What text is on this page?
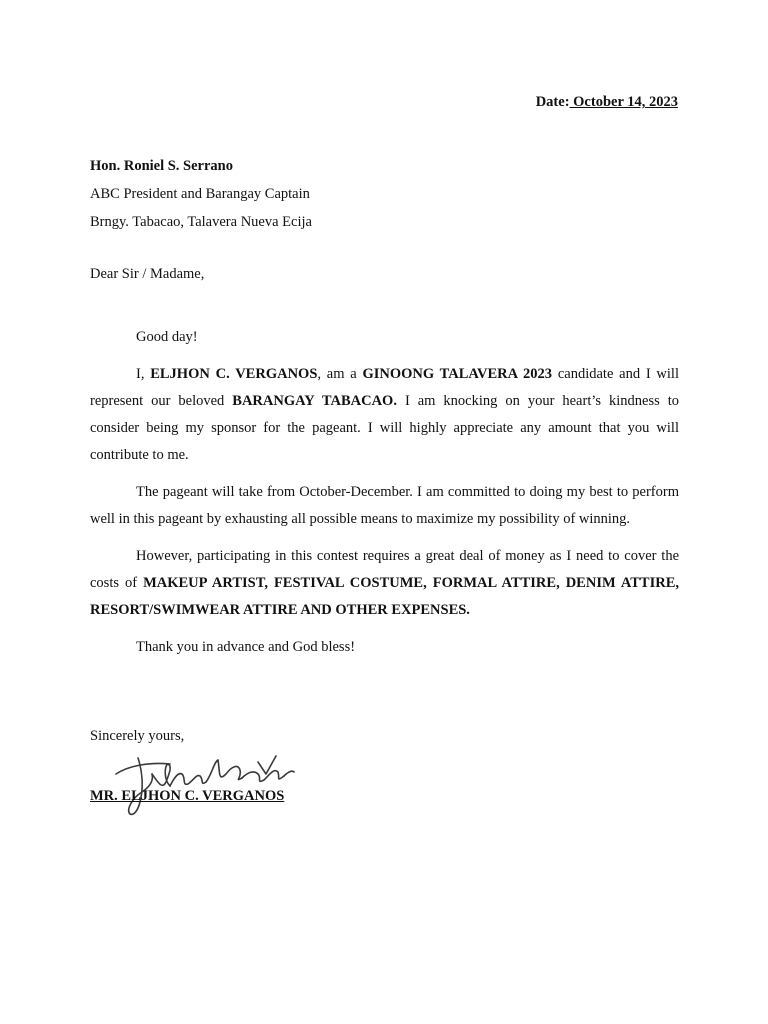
Date: October 14, 2023
Hon. Roniel S. Serrano
ABC President and Barangay Captain
Brngy. Tabacao, Talavera Nueva Ecija
Dear Sir / Madame,

Good day!

I, ELJHON C. VERGANOS, am a GINOONG TALAVERA 2023 candidate and I will represent our beloved BARANGAY TABACAO. I am knocking on your heart’s kindness to consider being my sponsor for the pageant. I will highly appreciate any amount that you will contribute to me.

The pageant will take from October-December. I am committed to doing my best to perform well in this pageant by exhausting all possible means to maximize my possibility of winning.

However, participating in this contest requires a great deal of money as I need to cover the costs of MAKEUP ARTIST, FESTIVAL COSTUME, FORMAL ATTIRE, DENIM ATTIRE, RESORT/SWIMWEAR ATTIRE AND OTHER EXPENSES.

Thank you in advance and God bless!

Sincerely yours,
MR. ELJHON C. VERGANOS
